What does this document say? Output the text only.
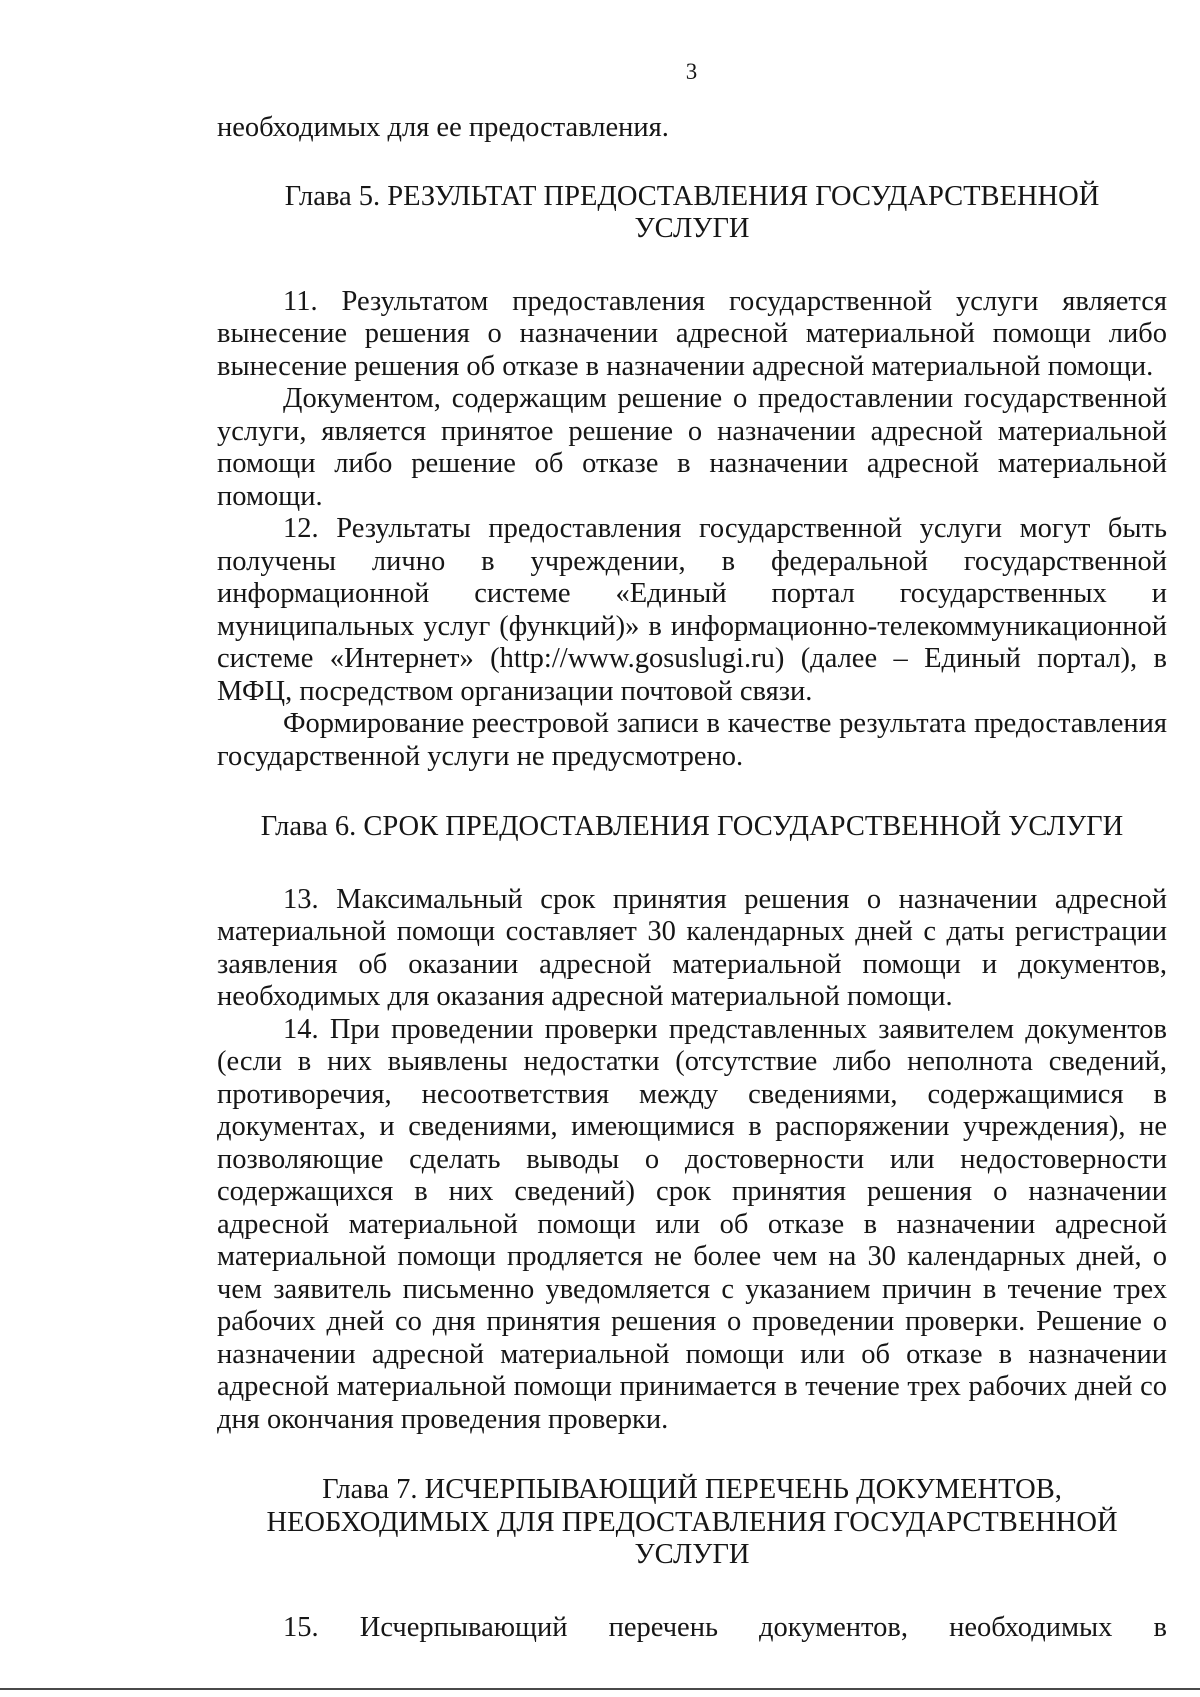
3

необходимых для ее предоставления.

Глава 5. РЕЗУЛЬТАТ ПРЕДОСТАВЛЕНИЯ ГОСУДАРСТВЕННОЙ УСЛУГИ

11. Результатом предоставления государственной услуги является вынесение решения о назначении адресной материальной помощи либо вынесение решения об отказе в назначении адресной материальной помощи.

Документом, содержащим решение о предоставлении государственной услуги, является принятое решение о назначении адресной материальной помощи либо решение об отказе в назначении адресной материальной помощи.

12. Результаты предоставления государственной услуги могут быть получены лично в учреждении, в федеральной государственной информационной системе «Единый портал государственных и муниципальных услуг (функций)» в информационно-телекоммуникационной системе «Интернет» (http://www.gosuslugi.ru) (далее – Единый портал), в МФЦ, посредством организации почтовой связи.

Формирование реестровой записи в качестве результата предоставления государственной услуги не предусмотрено.

Глава 6. СРОК ПРЕДОСТАВЛЕНИЯ ГОСУДАРСТВЕННОЙ УСЛУГИ

13. Максимальный срок принятия решения о назначении адресной материальной помощи составляет 30 календарных дней с даты регистрации заявления об оказании адресной материальной помощи и документов, необходимых для оказания адресной материальной помощи.

14. При проведении проверки представленных заявителем документов (если в них выявлены недостатки (отсутствие либо неполнота сведений, противоречия, несоответствия между сведениями, содержащимися в документах, и сведениями, имеющимися в распоряжении учреждения), не позволяющие сделать выводы о достоверности или недостоверности содержащихся в них сведений) срок принятия решения о назначении адресной материальной помощи или об отказе в назначении адресной материальной помощи продляется не более чем на 30 календарных дней, о чем заявитель письменно уведомляется с указанием причин в течение трех рабочих дней со дня принятия решения о проведении проверки. Решение о назначении адресной материальной помощи или об отказе в назначении адресной материальной помощи принимается в течение трех рабочих дней со дня окончания проведения проверки.

Глава 7. ИСЧЕРПЫВАЮЩИЙ ПЕРЕЧЕНЬ ДОКУМЕНТОВ, НЕОБХОДИМЫХ ДЛЯ ПРЕДОСТАВЛЕНИЯ ГОСУДАРСТВЕННОЙ УСЛУГИ

15. Исчерпывающий перечень документов, необходимых в
